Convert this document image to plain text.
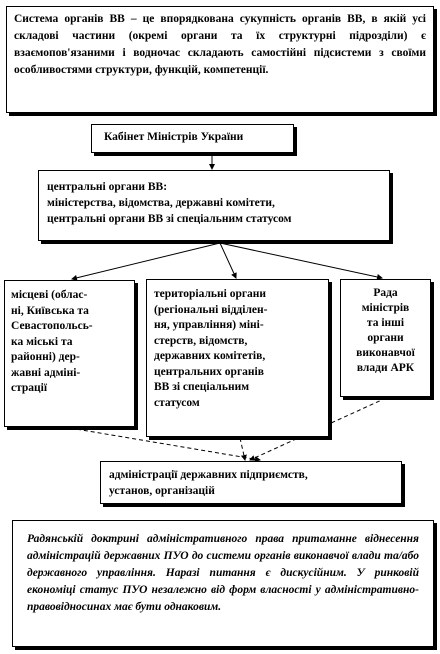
Система органів ВВ – це впорядкована сукупність органів ВВ, в якій усі складові частини (окремі органи та їх структурні підрозділи) є взаємопов'язаними і водночас складають самостійні підсистеми з своїми особливостями структури, функцій, компетенції.
Кабінет Міністрів України
центральні органи ВВ:
міністерства, відомства, державні комітети,
центральні органи ВВ зі спеціальним статусом
місцеві (облас-
ні, Київська та
Севастопольсь-
ка міські та
районні) дер-
жавні адміні-
страції
територіальні органи
(регіональні відділен-
ня, управління) міні-
стерств, відомств,
державних комітетів,
центральних органів
ВВ зі спеціальним
статусом
Рада
міністрів
та інші
органи
виконавчої
влади АРК
адміністрації державних підприємств,
установ, організацій
Радянській доктрині адміністративного права притаманне віднесення адміністрацій державних ПУО до системи органів виконавчої влади та/або державного управління. Наразі питання є дискусійним. У ринковій економіці статус ПУО незалежно від форм власності у адміністративно-правовідносинах має бути однаковим.
